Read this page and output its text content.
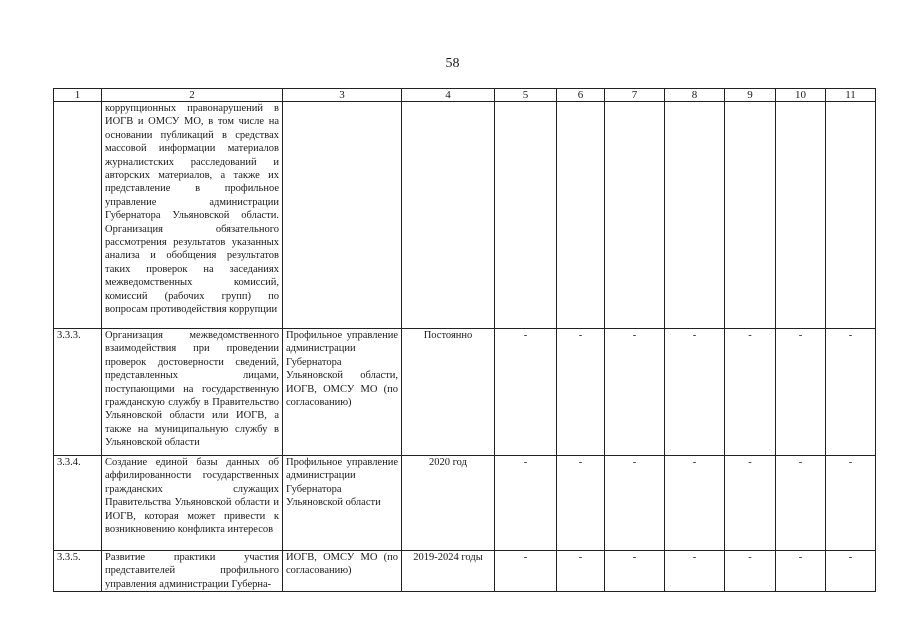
58
1	2	3	4	5	6	7	8	9	10	11
	коррупционных правонарушений в ИОГВ и ОМСУ МО, в том числе на основании публикаций в средствах массовой информации материалов журналистских расследований и авторских материалов, а также их представление в профильное управление администрации Губернатора Ульяновской области. Организация обязательного рассмотрения результатов указанных анализа и обобщения результатов таких проверок на заседаниях межведомственных комиссий, комиссий (рабочих групп) по вопросам противодействия коррупции									
3.3.3.	Организация межведомственного взаимодействия при проведении проверок достоверности сведений, представленных лицами, поступающими на государственную гражданскую службу в Правительство Ульяновской области или ИОГВ, а также на муниципальную службу в Ульяновской области	Профильное управление администрации Губернатора Ульяновской области, ИОГВ, ОМСУ МО (по согласованию)	Постоянно	-	-	-	-	-	-	-
3.3.4.	Создание единой базы данных об аффилированности государственных гражданских служащих Правительства Ульяновской области и ИОГВ, которая может привести к возникновению конфликта интересов	Профильное управление администрации Губернатора Ульяновской области	2020 год	-	-	-	-	-	-	-
3.3.5.	Развитие практики участия представителей профильного управления администрации Губерна-	ИОГВ, ОМСУ МО (по согласованию)	2019-2024 годы	-	-	-	-	-	-	-
